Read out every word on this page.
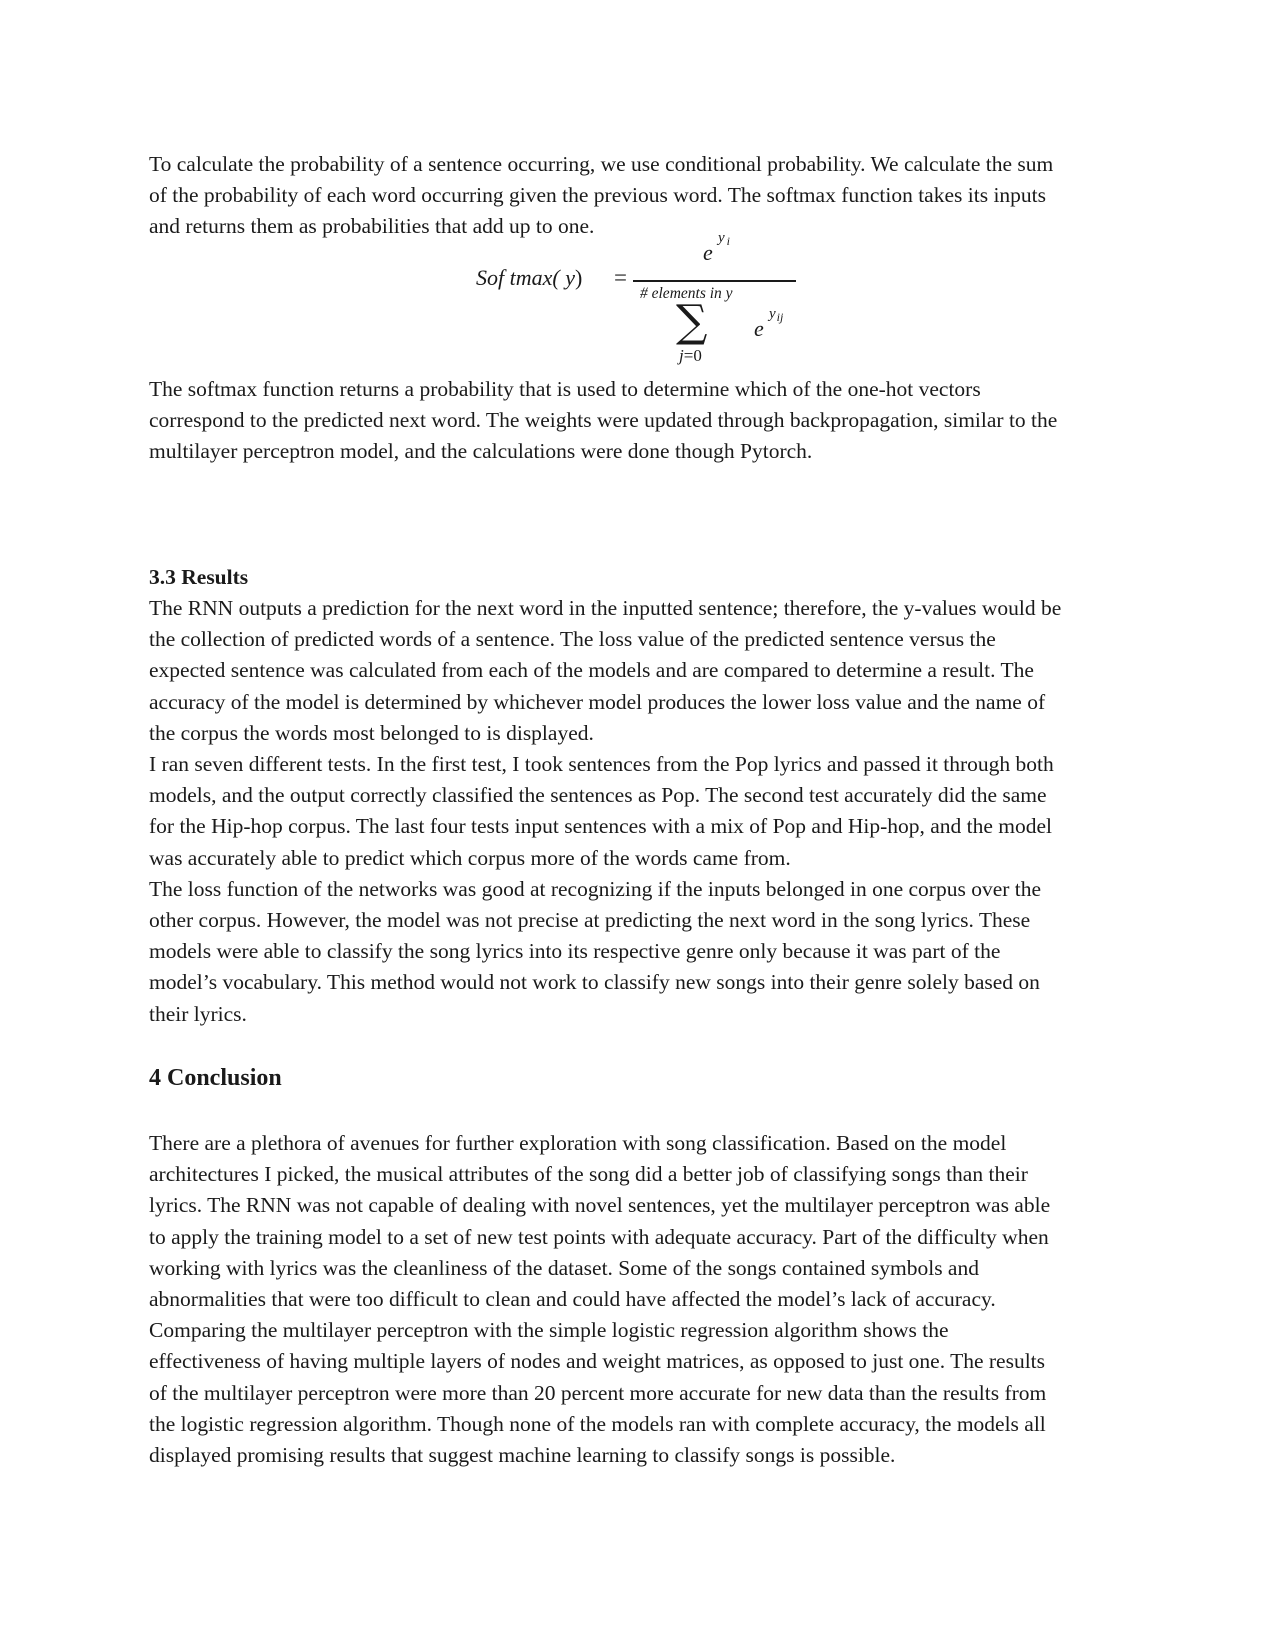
To calculate the probability of a sentence occurring, we use conditional probability. We calculate the sum
of the probability of each word occurring given the previous word. The softmax function takes its inputs
and returns them as probabilities that add up to one.

Sof tmax( y) =
e
y $_i$
# elements in y
∑
j=0
e
$y_{ij}$

The softmax function returns a probability that is used to determine which of the one-hot vectors
correspond to the predicted next word. The weights were updated through backpropagation, similar to the
multilayer perceptron model, and the calculations were done though Pytorch.

3.3 Results

The RNN outputs a prediction for the next word in the inputted sentence; therefore, the y-values would be
the collection of predicted words of a sentence. The loss value of the predicted sentence versus the
expected sentence was calculated from each of the models and are compared to determine a result. The
accuracy of the model is determined by whichever model produces the lower loss value and the name of
the corpus the words most belonged to is displayed.
I ran seven different tests. In the first test, I took sentences from the Pop lyrics and passed it through both
models, and the output correctly classified the sentences as Pop. The second test accurately did the same
for the Hip-hop corpus. The last four tests input sentences with a mix of Pop and Hip-hop, and the model
was accurately able to predict which corpus more of the words came from.
The loss function of the networks was good at recognizing if the inputs belonged in one corpus over the
other corpus. However, the model was not precise at predicting the next word in the song lyrics. These
models were able to classify the song lyrics into its respective genre only because it was part of the
model’s vocabulary. This method would not work to classify new songs into their genre solely based on
their lyrics.

4 Conclusion

There are a plethora of avenues for further exploration with song classification. Based on the model
architectures I picked, the musical attributes of the song did a better job of classifying songs than their
lyrics. The RNN was not capable of dealing with novel sentences, yet the multilayer perceptron was able
to apply the training model to a set of new test points with adequate accuracy. Part of the difficulty when
working with lyrics was the cleanliness of the dataset. Some of the songs contained symbols and
abnormalities that were too difficult to clean and could have affected the model’s lack of accuracy.
Comparing the multilayer perceptron with the simple logistic regression algorithm shows the
effectiveness of having multiple layers of nodes and weight matrices, as opposed to just one. The results
of the multilayer perceptron were more than 20 percent more accurate for new data than the results from
the logistic regression algorithm. Though none of the models ran with complete accuracy, the models all
displayed promising results that suggest machine learning to classify songs is possible.
